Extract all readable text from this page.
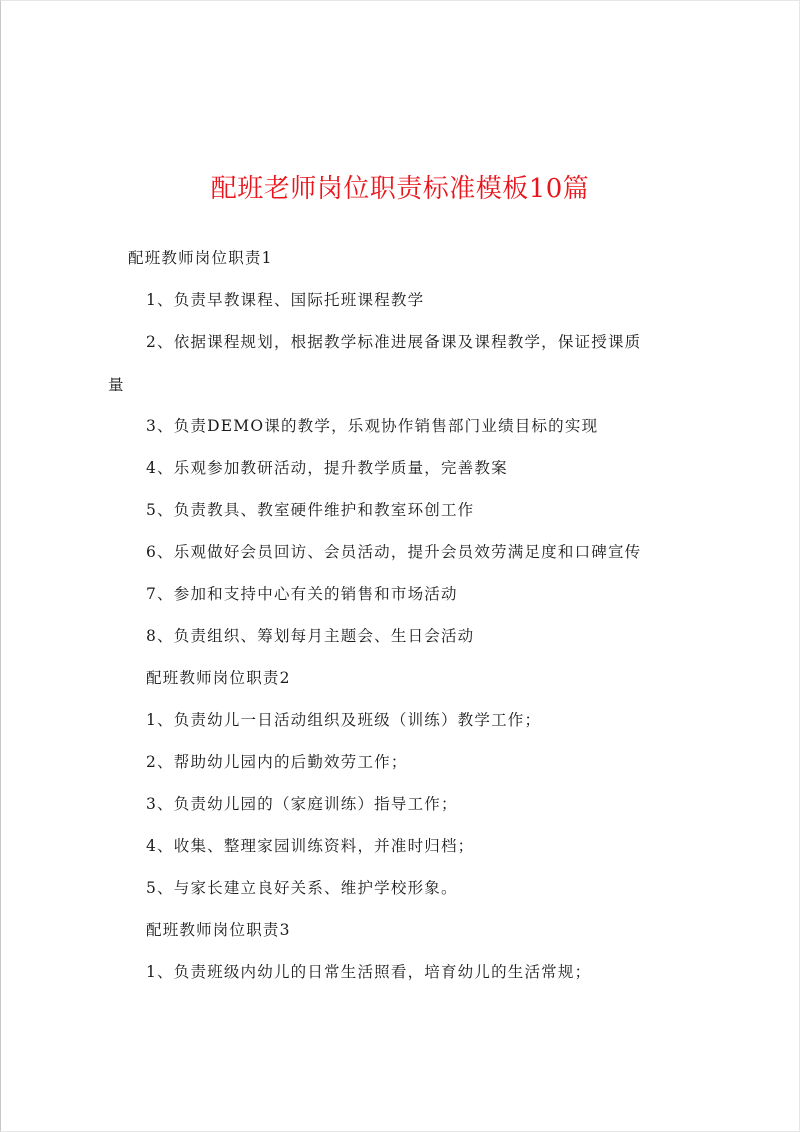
配班老师岗位职责标准模板10篇
配班教师岗位职责1
1、负责早教课程、国际托班课程教学
2、依据课程规划，根据教学标准进展备课及课程教学，保证授课质
量
3、负责DEMO课的教学，乐观协作销售部门业绩目标的实现
4、乐观参加教研活动，提升教学质量，完善教案
5、负责教具、教室硬件维护和教室环创工作
6、乐观做好会员回访、会员活动，提升会员效劳满足度和口碑宣传
7、参加和支持中心有关的销售和市场活动
8、负责组织、筹划每月主题会、生日会活动
配班教师岗位职责2
1、负责幼儿一日活动组织及班级（训练）教学工作；
2、帮助幼儿园内的后勤效劳工作；
3、负责幼儿园的（家庭训练）指导工作；
4、收集、整理家园训练资料，并准时归档；
5、与家长建立良好关系、维护学校形象。
配班教师岗位职责3
1、负责班级内幼儿的日常生活照看，培育幼儿的生活常规；
